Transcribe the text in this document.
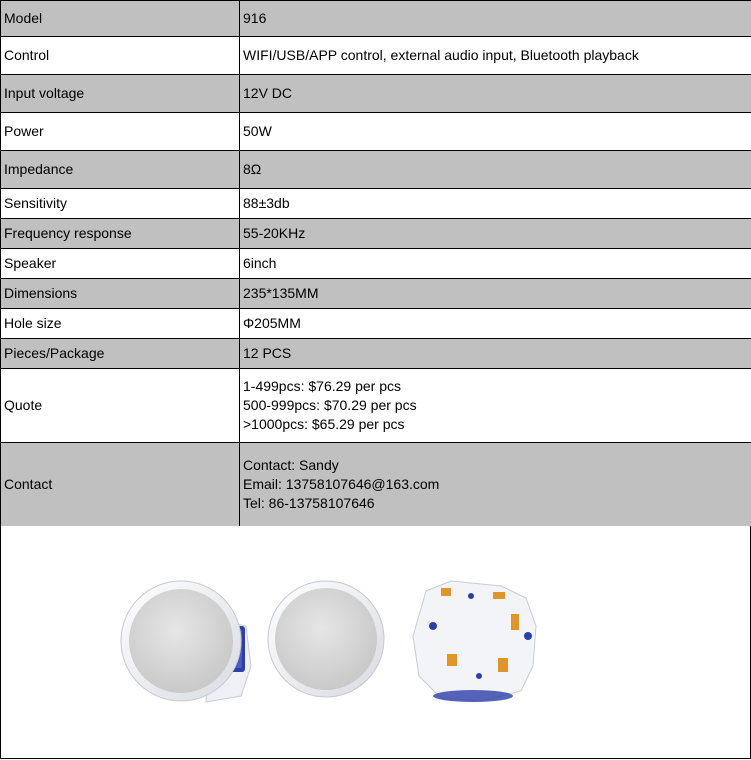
Model	916
Control	WIFI/USB/APP control, external audio input, Bluetooth playback
Input voltage	12V DC
Power	50W
Impedance	8Ω
Sensitivity	88±3db
Frequency response	55-20KHz
Speaker	6inch
Dimensions	235*135MM
Hole size	Φ205MM
Pieces/Package	12 PCS
Quote	1-499pcs: $76.29 per pcs
500-999pcs: $70.29 per pcs
>1000pcs: $65.29 per pcs

Contact	Contact: Sandy
Email: 13758107646@163.com
Tel: 86-13758107646
